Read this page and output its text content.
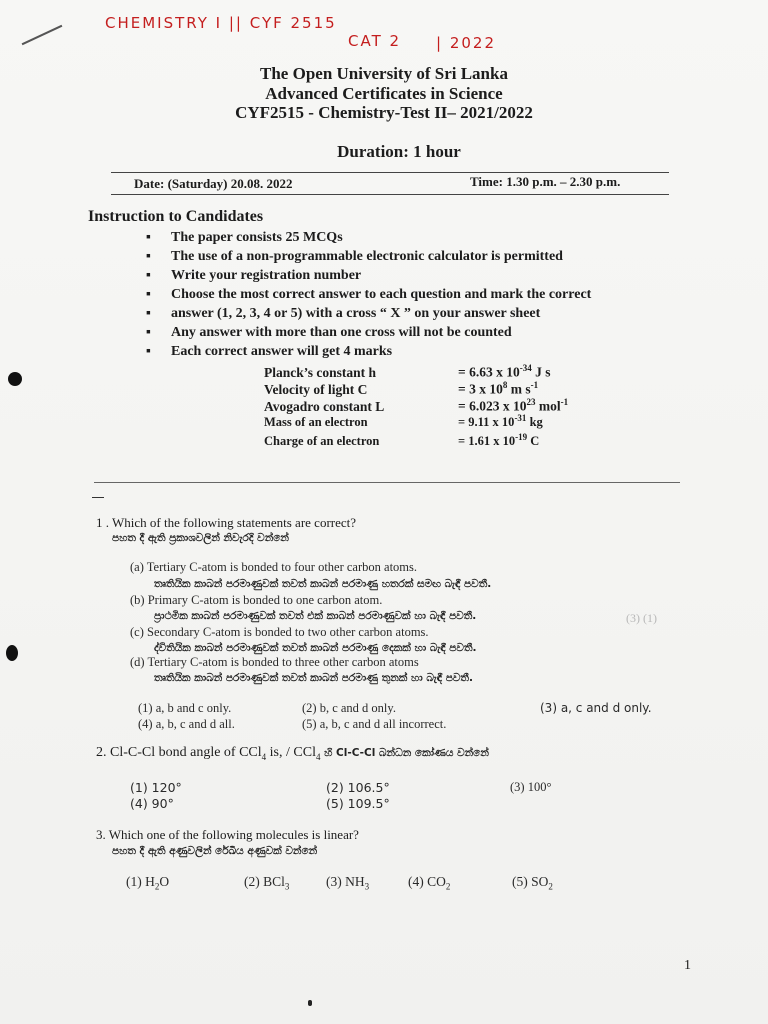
CHEMISTRY I || CYF 2515
CAT 2 | 2022
The Open University of Sri Lanka
Advanced Certificates in Science
CYF2515 - Chemistry-Test II– 2021/2022
Duration: 1 hour
Date: (Saturday) 20.08. 2022	Time: 1.30 p.m. – 2.30 p.m.
Instruction to Candidates
▪ The paper consists 25 MCQs
▪ The use of a non-programmable electronic calculator is permitted
▪ Write your registration number
▪ Choose the most correct answer to each question and mark the correct
▪ answer (1, 2, 3, 4 or 5) with a cross “ X ” on your answer sheet
▪ Any answer with more than one cross will not be counted
▪ Each correct answer will get 4 marks
Planck’s constant h	= 6.63 x $10^{-34}$ J s
Velocity of light C	= 3 x $10^8$ m $s^{-1}$
Avogadro constant L	= 6.023 x $10^{23}$ mol$^{-1}$
Mass of an electron	= 9.11 x $10^{-31}$ kg
Charge of an electron	= 1.61 x $10^{-19}$ C
1 . Which of the following statements are correct?
පහත දී ඇති ප්‍රකාශවලින් නිවැරදි වන්නේ
(a) Tertiary C-atom is bonded to four other carbon atoms.
තෘතියික කාබන් පරමාණුවක් තවත් කාබන් පරමාණු හතරක් සමඟ බැඳී පවතී.
(b) Primary C-atom is bonded to one carbon atom.
ප්‍රාථමික කාබන් පරමාණුවක් තවත් එක් කාබන් පරමාණුවක් හා බැඳී පවතී.
(c) Secondary C-atom is bonded to two other carbon atoms.
ද්විතියික කාබන් පරමාණුවක් තවත් කාබන් පරමාණු දෙකක් හා බැඳී පවතී.
(d) Tertiary C-atom is bonded to three other carbon atoms
තෘතියික කාබන් පරමාණුවක් තවත් කාබන් පරමාණු තුනක් හා බැඳී පවතී.
(3) (1)
(1) a, b and c only.	(2) b, c and d only.	(3) a, c and d only.
(4) a, b, c and d all.	(5) a, b, c and d all incorrect.
2. Cl-C-Cl bond angle of CCl$_4$ is, / CCl$_4$ හි Cl-C-Cl බන්ධන කෝණය වන්නේ
(1) 120°	(2) 106.5°	(3) 100°
(4) 90°	(5) 109.5°
3. Which one of the following molecules is linear?
පහත දී ඇති අණුවලින් රේඛීය අණුවක් වන්නේ
(1) $H_2O$	(2) BCl$_3$	(3) $NH_3$	(4) $CO_2$	(5) $SO_2$
1
